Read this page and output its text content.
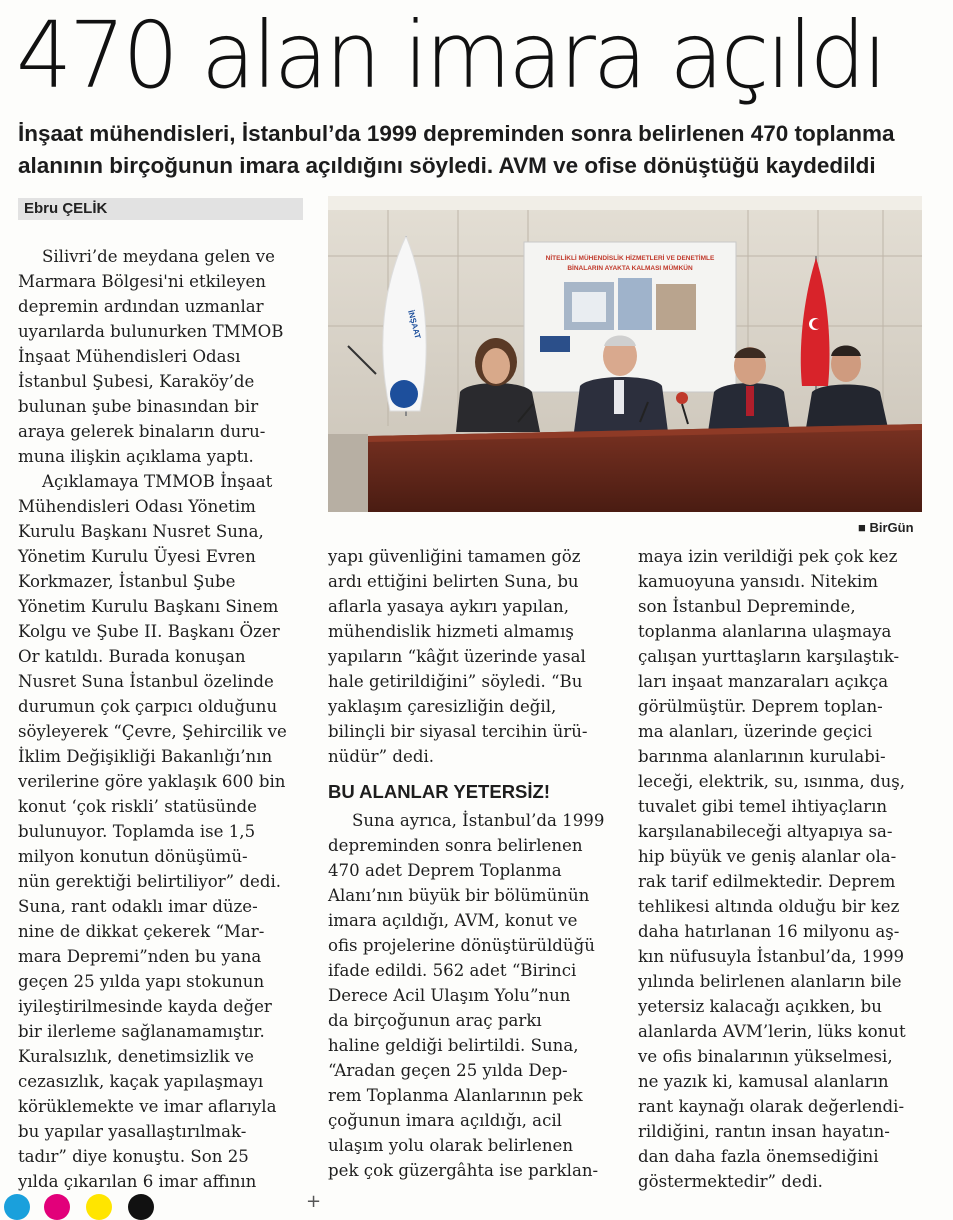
470 alan imara açıldı
İnşaat mühendisleri, İstanbul’da 1999 depreminden sonra belirlenen 470 toplanma
alanının birçoğunun imara açıldığını söyledi. AVM ve ofise dönüştüğü kaydedildi
Ebru ÇELİK
Silivri’de meydana gelen ve
Marmara Bölgesi'ni etkileyen
depremin ardından uzmanlar
uyarılarda bulunurken TMMOB
İnşaat Mühendisleri Odası
İstanbul Şubesi, Karaköy’de
bulunan şube binasından bir
araya gelerek binaların duru-
muna ilişkin açıklama yaptı.
Açıklamaya TMMOB İnşaat
Mühendisleri Odası Yönetim
Kurulu Başkanı Nusret Suna,
Yönetim Kurulu Üyesi Evren
Korkmazer, İstanbul Şube
Yönetim Kurulu Başkanı Sinem
Kolgu ve Şube II. Başkanı Özer
Or katıldı. Burada konuşan
Nusret Suna İstanbul özelinde
durumun çok çarpıcı olduğunu
söyleyerek “Çevre, Şehircilik ve
İklim Değişikliği Bakanlığı’nın
verilerine göre yaklaşık 600 bin
konut ‘çok riskli’ statüsünde
bulunuyor. Toplamda ise 1,5
milyon konutun dönüşümü-
nün gerektiği belirtiliyor” dedi.
Suna, rant odaklı imar düze-
nine de dikkat çekerek “Mar-
mara Depremi”nden bu yana
geçen 25 yılda yapı stokunun
iyileştirilmesinde kayda değer
bir ilerleme sağlanamamıştır.
Kuralsızlık, denetimsizlik ve
cezasızlık, kaçak yapılaşmayı
körüklemekte ve imar aflarıyla
bu yapılar yasallaştırılmak-
tadır” diye konuştu. Son 25
yılda çıkarılan 6 imar affının
NİTELİKLİ MÜHENDİSLİK HİZMETLERİ VE DENETİMLE
BİNALARIN AYAKTA KALMASI MÜMKÜN
İNŞAAT
■ BirGün
yapı güvenliğini tamamen göz
ardı ettiğini belirten Suna, bu
aflarla yasaya aykırı yapılan,
mühendislik hizmeti almamış
yapıların “kâğıt üzerinde yasal
hale getirildiğini” söyledi. “Bu
yaklaşım çaresizliğin değil,
bilinçli bir siyasal tercihin ürü-
nüdür” dedi.
BU ALANLAR YETERSİZ!
Suna ayrıca, İstanbul’da 1999
depreminden sonra belirlenen
470 adet Deprem Toplanma
Alanı’nın büyük bir bölümünün
imara açıldığı, AVM, konut ve
ofis projelerine dönüştürüldüğü
ifade edildi. 562 adet “Birinci
Derece Acil Ulaşım Yolu”nun
da birçoğunun araç parkı
haline geldiği belirtildi. Suna,
“Aradan geçen 25 yılda Dep-
rem Toplanma Alanlarının pek
çoğunun imara açıldığı, acil
ulaşım yolu olarak belirlenen
pek çok güzergâhta ise parklan-
maya izin verildiği pek çok kez
kamuoyuna yansıdı. Nitekim
son İstanbul Depreminde,
toplanma alanlarına ulaşmaya
çalışan yurttaşların karşılaştık-
ları inşaat manzaraları açıkça
görülmüştür. Deprem toplan-
ma alanları, üzerinde geçici
barınma alanlarının kurulabi-
leceği, elektrik, su, ısınma, duş,
tuvalet gibi temel ihtiyaçların
karşılanabileceği altyapıya sa-
hip büyük ve geniş alanlar ola-
rak tarif edilmektedir. Deprem
tehlikesi altında olduğu bir kez
daha hatırlanan 16 milyonu aş-
kın nüfusuyla İstanbul’da, 1999
yılında belirlenen alanların bile
yetersiz kalacağı açıkken, bu
alanlarda AVM’lerin, lüks konut
ve ofis binalarının yükselmesi,
ne yazık ki, kamusal alanların
rant kaynağı olarak değerlendi-
rildiğini, rantın insan hayatın-
dan daha fazla önemsediğini
göstermektedir” dedi.
+
